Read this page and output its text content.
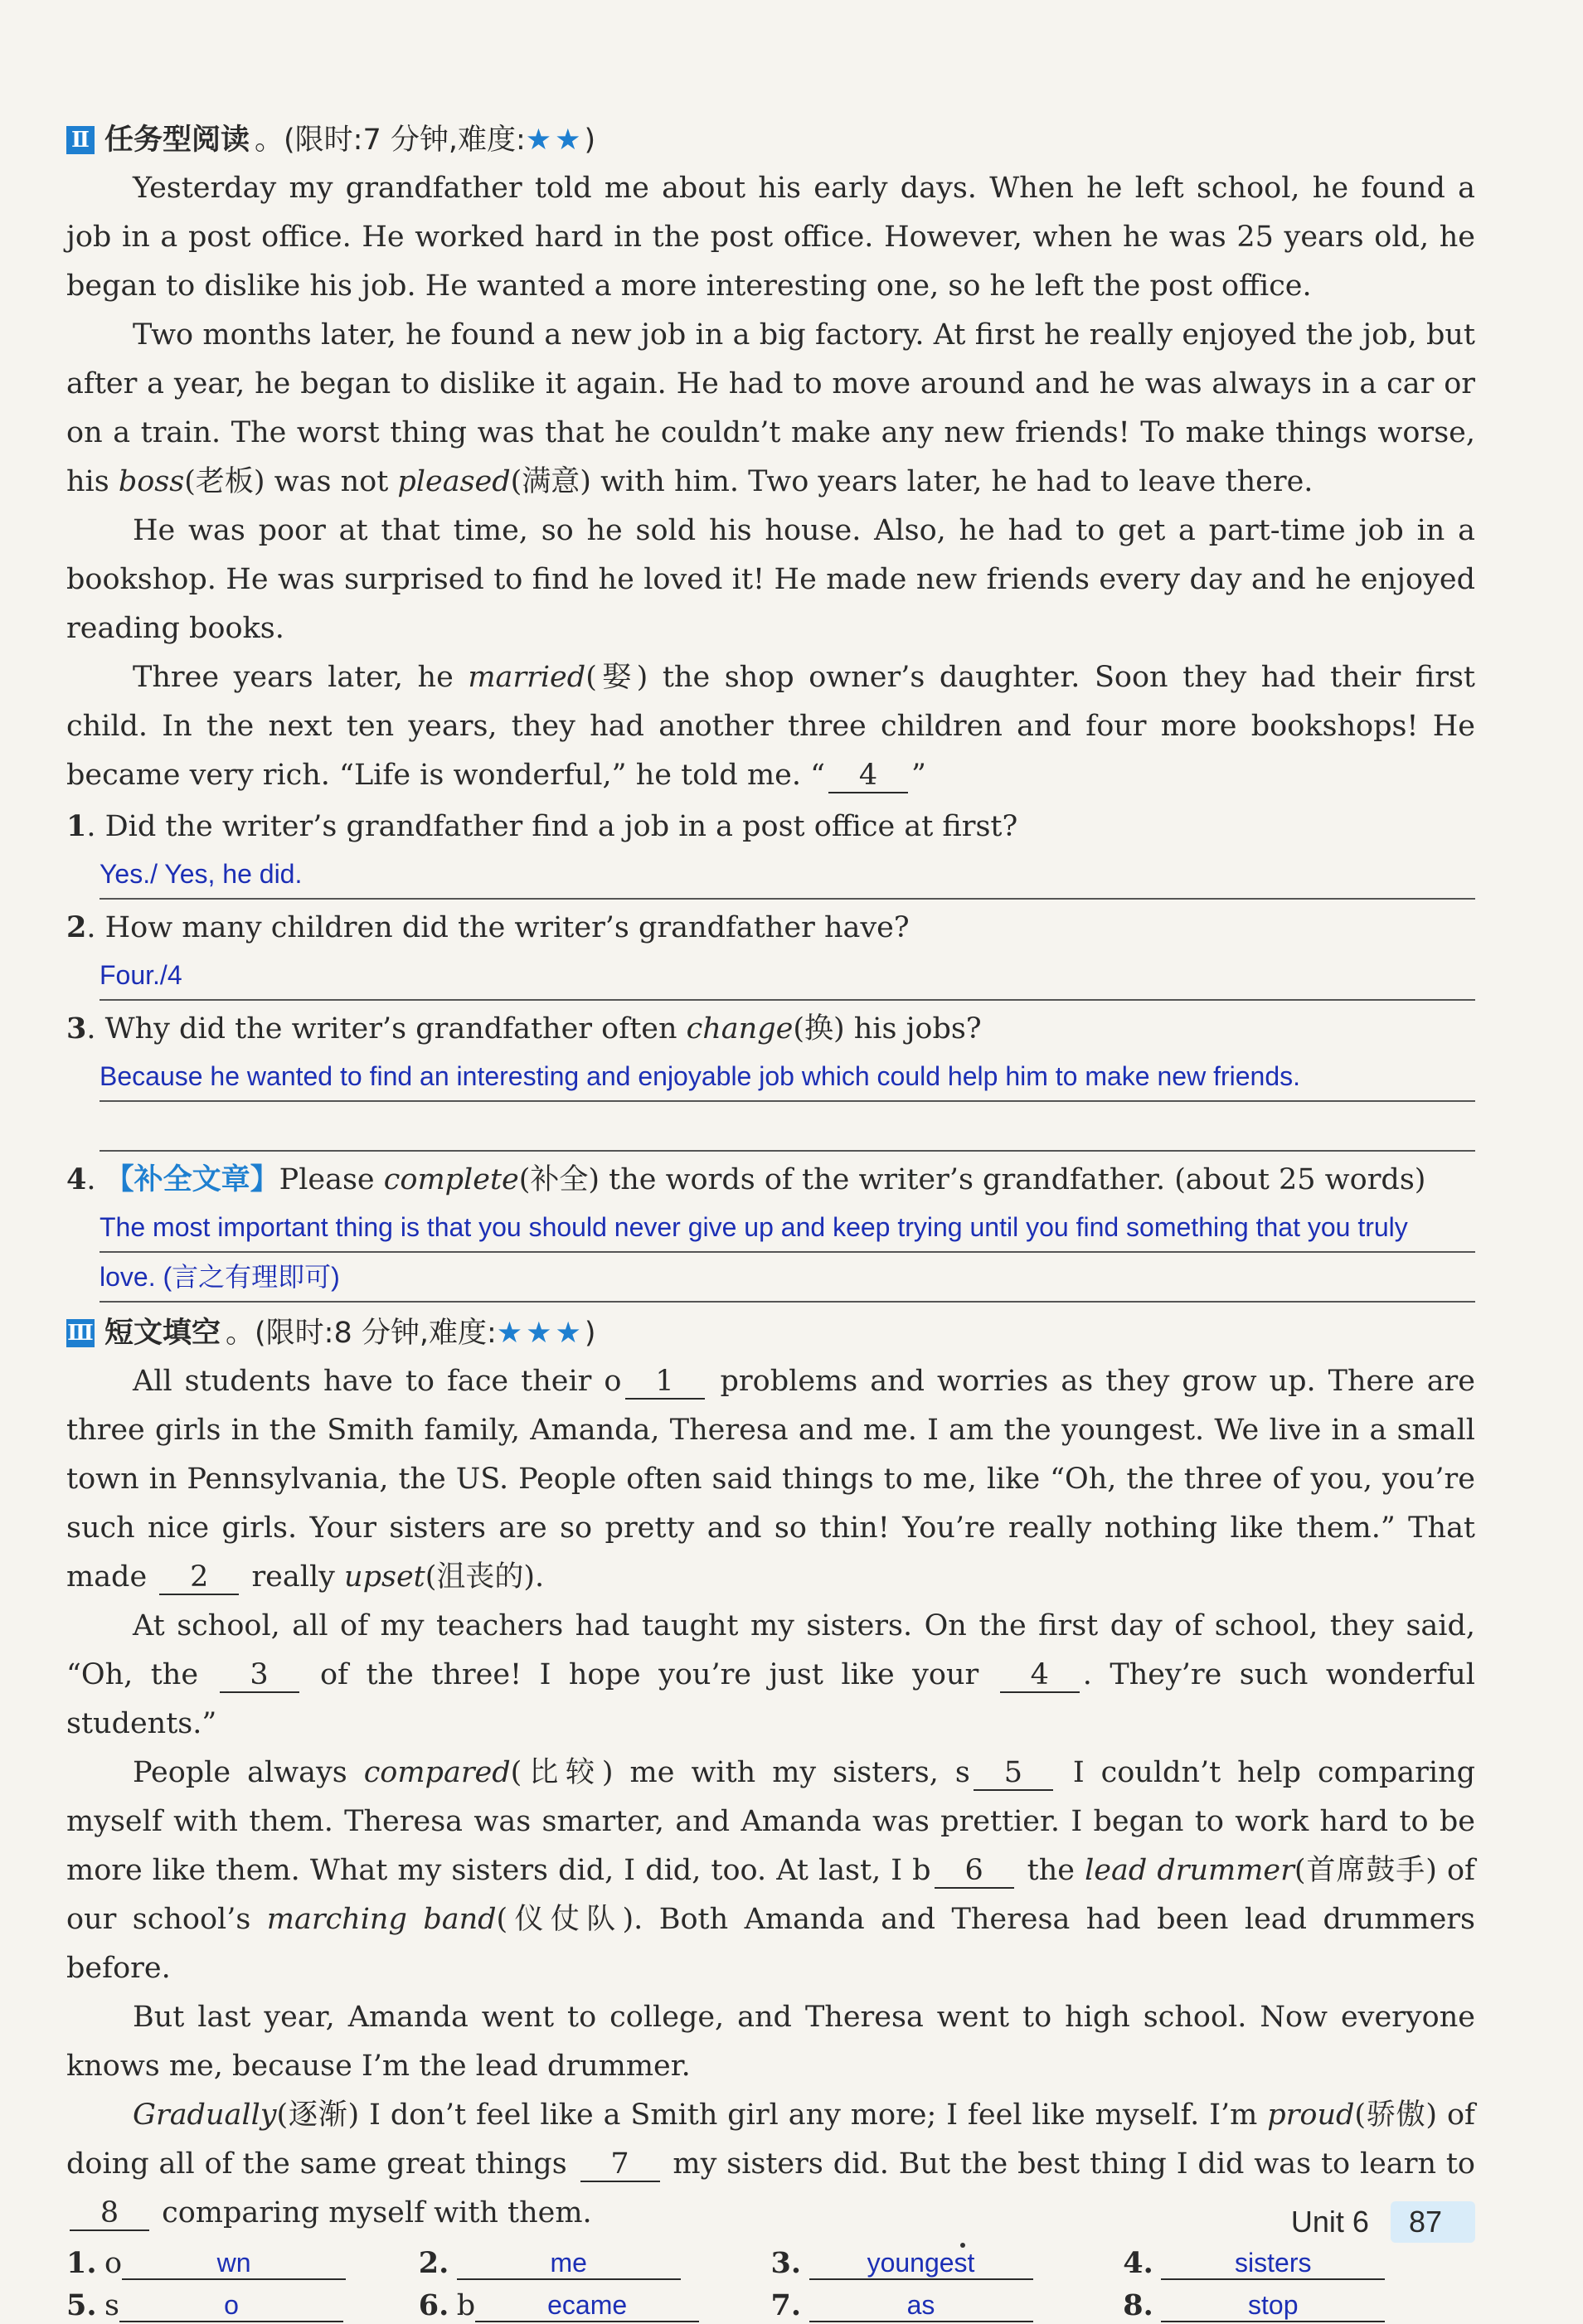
Ⅱ 任务型阅读 。(限时:7 分钟,难度: ★★ )

Yesterday my grandfather told me about his early days. When he left school, he found a job in a post office. He worked hard in the post office. However, when he was 25 years old, he began to dislike his job. He wanted a more interesting one, so he left the post office.

Two months later, he found a new job in a big factory. At first he really enjoyed the job, but after a year, he began to dislike it again. He had to move around and he was always in a car or on a train. The worst thing was that he couldn’t make any new friends! To make things worse, his boss(老板) was not pleased(满意) with him. Two years later, he had to leave there.

He was poor at that time, so he sold his house. Also, he had to get a part-time job in a bookshop. He was surprised to find he loved it! He made new friends every day and he enjoyed reading books.

Three years later, he married(娶) the shop owner’s daughter. Soon they had their first child. In the next ten years, they had another three children and four more bookshops! He became very rich. “Life is wonderful,” he told me. “ 4 ”

1. Did the writer’s grandfather find a job in a post office at first?

Yes./ Yes, he did.

2. How many children did the writer’s grandfather have?

Four./4

3. Why did the writer’s grandfather often change(换) his jobs?

Because he wanted to find an interesting and enjoyable job which could help him to make new friends.

4. 【补全文章】Please complete(补全) the words of the writer’s grandfather. (about 25 words)

The most important thing is that you should never give up and keep trying until you find something that you truly
love. (言之有理即可)
Ⅲ 短文填空 。(限时:8 分钟,难度: ★★★ )

All students have to face their o 1 problems and worries as they grow up. There are three girls in the Smith family, Amanda, Theresa and me. I am the youngest. We live in a small town in Pennsylvania, the US. People often said things to me, like “Oh, the three of you, you’re such nice girls. Your sisters are so pretty and so thin! You’re really nothing like them.” That made 2 really upset(沮丧的).

At school, all of my teachers had taught my sisters. On the first day of school, they said, “Oh, the 3 of the three! I hope you’re just like your 4 . They’re such wonderful students.”

People always compared(比较) me with my sisters, s 5 I couldn’t help comparing myself with them. Theresa was smarter, and Amanda was prettier. I began to work hard to be more like them. What my sisters did, I did, too. At last, I b 6 the lead drummer(首席鼓手) of our school’s marching band(仪仗队). Both Amanda and Theresa had been lead drummers before.

But last year, Amanda went to college, and Theresa went to high school. Now everyone knows me, because I’m the lead drummer.

Gradually(逐渐) I don’t feel like a Smith girl any more; I feel like myself. I’m proud(骄傲) of doing all of the same great things 7 my sisters did. But the best thing I did was to learn to 8 comparing myself with them.

1. o	wn	2.	me	3.	youngest	4.	sisters
5. s	o	6. b	ecame	7.	as	8.	stop
Unit 6	87
